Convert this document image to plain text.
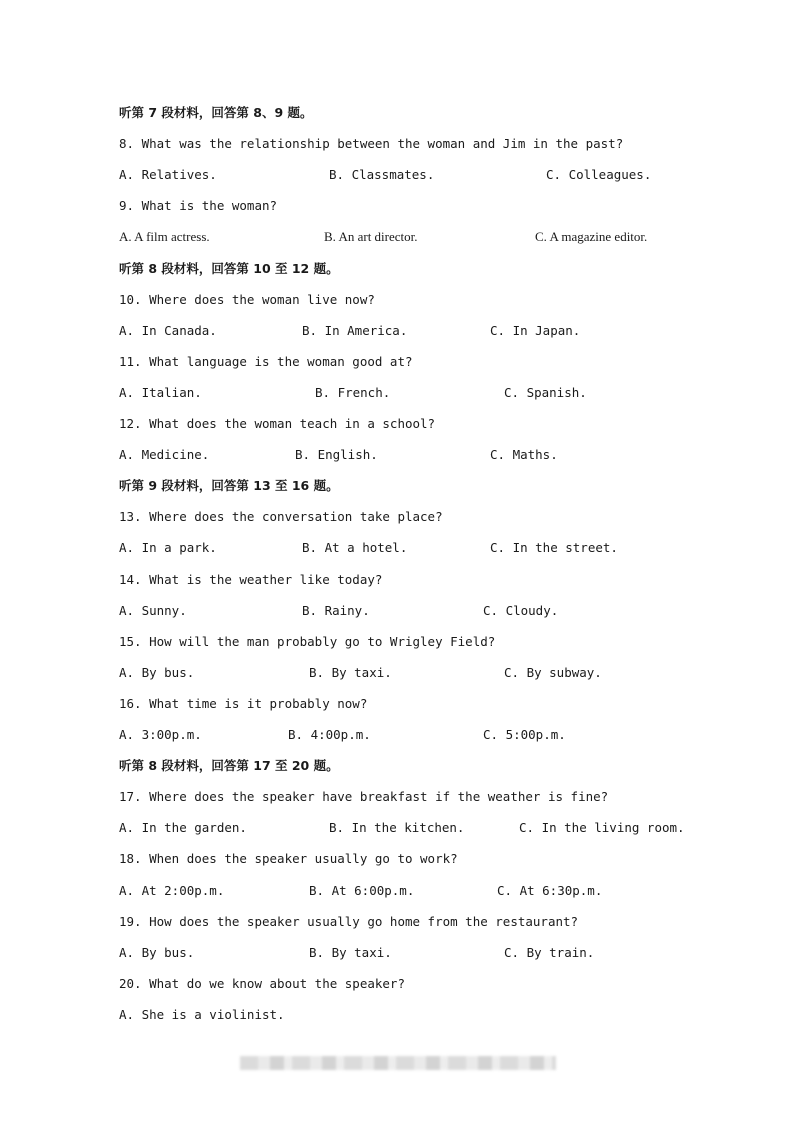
听第 7 段材料，回答第 8、9 题。
8. What was the relationship between the woman and Jim in the past?
A. Relatives.	B. Classmates.	C. Colleagues.
9. What is the woman?
A. A film actress.	B. An art director.	C. A magazine editor.
听第 8 段材料，回答第 10 至 12 题。
10. Where does the woman live now?
A. In Canada.	B. In America.	C. In Japan.
11. What language is the woman good at?
A. Italian.	B. French.	C. Spanish.
12. What does the woman teach in a school?
A. Medicine.	B. English.	C. Maths.
听第 9 段材料，回答第 13 至 16 题。
13. Where does the conversation take place?
A. In a park.	B. At a hotel.	C. In the street.
14. What is the weather like today?
A. Sunny.	B. Rainy.	C. Cloudy.
15. How will the man probably go to Wrigley Field?
A. By bus.	B. By taxi.	C. By subway.
16. What time is it probably now?
A. 3:00p.m.	B. 4:00p.m.	C. 5:00p.m.
听第 8 段材料，回答第 17 至 20 题。
17. Where does the speaker have breakfast if the weather is fine?
A. In the garden.	B. In the kitchen.	C. In the living room.
18. When does the speaker usually go to work?
A. At 2:00p.m.	B. At 6:00p.m.	C. At 6:30p.m.
19. How does the speaker usually go home from the restaurant?
A. By bus.	B. By taxi.	C. By train.
20. What do we know about the speaker?
A. She is a violinist.
